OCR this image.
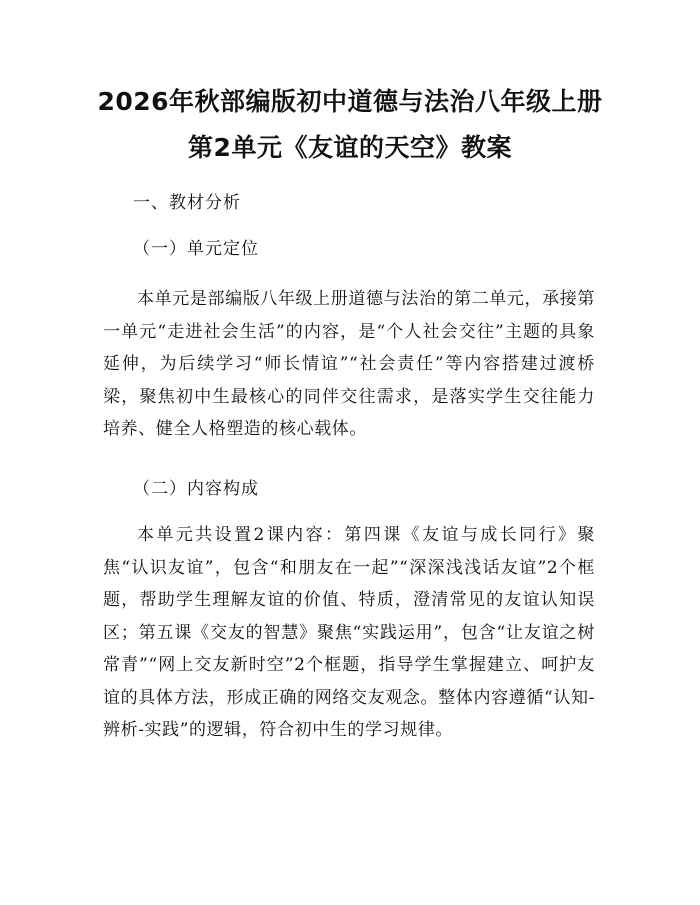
2026年秋部编版初中道德与法治八年级上册
第2单元《友谊的天空》教案
一、教材分析
（一）单元定位

本单元是部编版八年级上册道德与法治的第二单元，承接第一单元“走进社会生活”的内容，是“个人社会交往”主题的具象延伸，为后续学习“师长情谊”“社会责任”等内容搭建过渡桥梁，聚焦初中生最核心的同伴交往需求，是落实学生交往能力培养、健全人格塑造的核心载体。

（二）内容构成

本单元共设置2课内容：第四课《友谊与成长同行》聚焦“认识友谊”，包含“和朋友在一起”“深深浅浅话友谊”2个框题，帮助学生理解友谊的价值、特质，澄清常见的友谊认知误区；第五课《交友的智慧》聚焦“实践运用”，包含“让友谊之树常青”“网上交友新时空”2个框题，指导学生掌握建立、呵护友谊的具体方法，形成正确的网络交友观念。整体内容遵循“认知-辨析-实践”的逻辑，符合初中生的学习规律。
